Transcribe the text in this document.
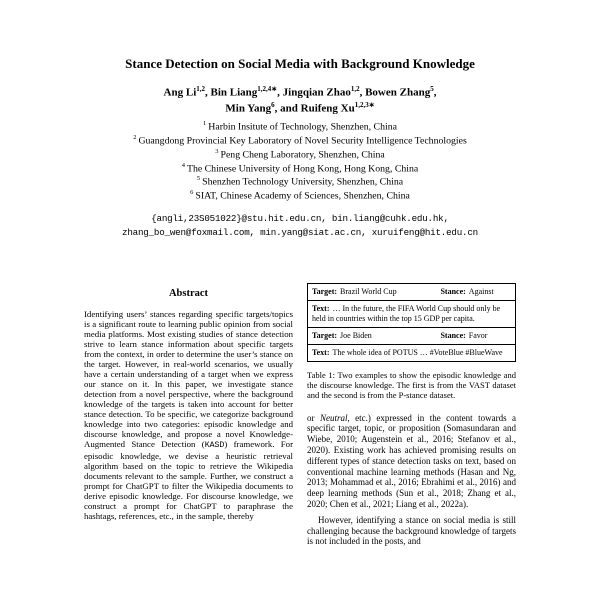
Stance Detection on Social Media with Background Knowledge
Ang Li$^{1,2}$, Bin Liang$^{1,2,4∗}$, Jingqian Zhao$^{1,2}$, Bowen Zhang$^5$,
Min Yang$^6$, and Ruifeng $Xu^{1,2,3∗}$
$^1$ Harbin Insitute of Technology, Shenzhen, China
$^2$ Guangdong Provincial Key Laboratory of Novel Security Intelligence Technologies
$^3$ Peng Cheng Laboratory, Shenzhen, China
$^4$ The Chinese University of Hong Kong, Hong Kong, China
$^5$ Shenzhen Technology University, Shenzhen, China
$^6$ SIAT, Chinese Academy of Sciences, Shenzhen, China
{angli,23S051022}@stu.hit.edu.cn, bin.liang@cuhk.edu.hk,
zhang_bo_wen@foxmail.com, min.yang@siat.ac.cn, xuruifeng@hit.edu.cn
Abstract

Identifying users’ stances regarding specific targets/topics is a significant route to learning public opinion from social media platforms. Most existing studies of stance detection strive to learn stance information about specific targets from the context, in order to determine the user’s stance on the target. However, in real-world scenarios, we usually have a certain understanding of a target when we express our stance on it. In this paper, we investigate stance detection from a novel perspective, where the background knowledge of the targets is taken into account for better stance detection. To be specific, we categorize background knowledge into two categories: episodic knowledge and discourse knowledge, and propose a novel Knowledge-Augmented Stance Detection (KASD) framework. For episodic knowledge, we devise a heuristic retrieval algorithm based on the topic to retrieve the Wikipedia documents relevant to the sample. Further, we construct a prompt for ChatGPT to filter the Wikipedia documents to derive episodic knowledge. For discourse knowledge, we construct a prompt for ChatGPT to paraphrase the hashtags, references, etc., in the sample, thereby

Target: Brazil World Cup	Stance: Against
Text: … In the future, the FIFA World Cup should only be held in countries within the top 15 GDP per capita.	
Target: Joe Biden	Stance: Favor
Text: The whole idea of POTUS … #VoteBlue #BlueWave	

Table 1: Two examples to show the episodic knowledge and the discourse knowledge. The first is from the VAST dataset and the second is from the P-stance dataset.

or Neutral, etc.) expressed in the content towards a specific target, topic, or proposition (Somasundaran and Wiebe, 2010; Augenstein et al., 2016; Stefanov et al., 2020). Existing work has achieved promising results on different types of stance detection tasks on text, based on conventional machine learning methods (Hasan and Ng, 2013; Mohammad et al., 2016; Ebrahimi et al., 2016) and deep learning methods (Sun et al., 2018; Zhang et al., 2020; Chen et al., 2021; Liang et al., 2022a).

However, identifying a stance on social media is still challenging because the background knowledge of targets is not included in the posts, and
